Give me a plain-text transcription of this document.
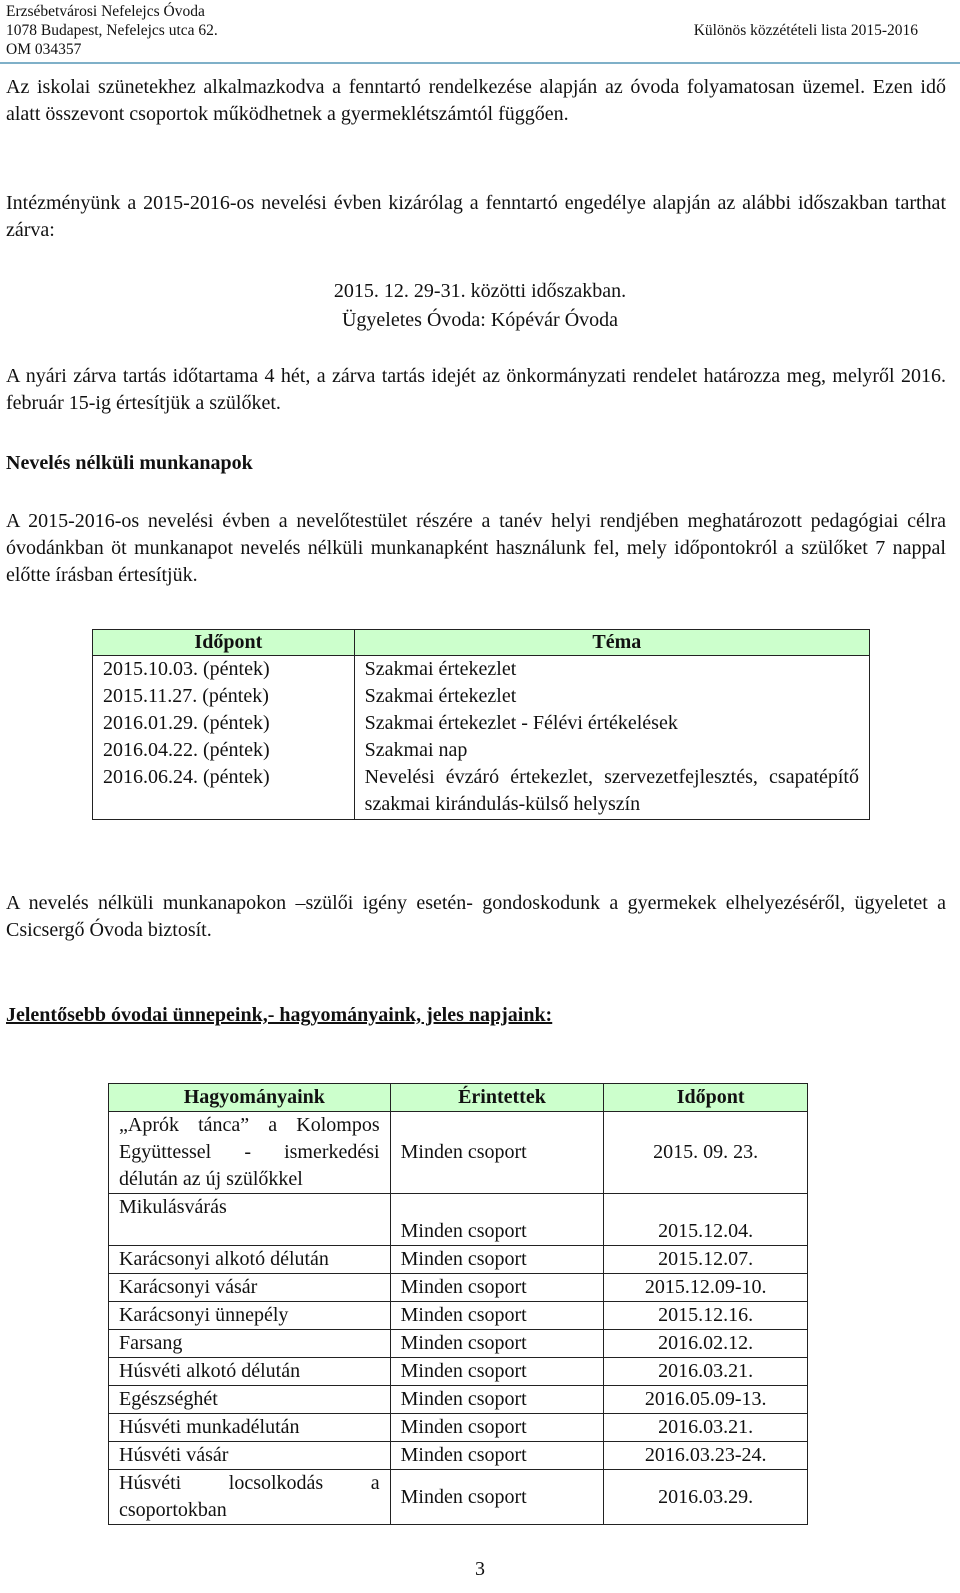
Erzsébetvárosi Nefelejcs Óvoda
1078 Budapest, Nefelejcs utca 62.
OM 034357
Különös közzétételi lista 2015-2016

Az iskolai szünetekhez alkalmazkodva a fenntartó rendelkezése alapján az óvoda folyamatosan üzemel. Ezen idő alatt összevont csoportok működhetnek a gyermeklétszámtól függően.

Intézményünk a 2015-2016-os nevelési évben kizárólag a fenntartó engedélye alapján az alábbi időszakban tarthat zárva:

2015. 12. 29-31. közötti időszakban.
Ügyeletes Óvoda: Kópévár Óvoda

A nyári zárva tartás időtartama 4 hét, a zárva tartás idejét az önkormányzati rendelet határozza meg, melyről 2016. február 15-ig értesítjük a szülőket.

Nevelés nélküli munkanapok

A 2015-2016-os nevelési évben a nevelőtestület részére a tanév helyi rendjében meghatározott pedagógiai célra óvodánkban öt munkanapot nevelés nélküli munkanapként használunk fel, mely időpontokról a szülőket 7 nappal előtte írásban értesítjük.

Időpont	Téma
2015.10.03. (péntek)	Szakmai értekezlet
2015.11.27. (péntek)	Szakmai értekezlet
2016.01.29. (péntek)	Szakmai értekezlet - Félévi értékelések
2016.04.22. (péntek)	Szakmai nap
2016.06.24. (péntek)	Nevelési évzáró értekezlet, szervezetfejlesztés, csapatépítő szakmai kirándulás-külső helyszín

A nevelés nélküli munkanapokon –szülői igény esetén- gondoskodunk a gyermekek elhelyezéséről, ügyeletet a Csicsergő Óvoda biztosít.

Jelentősebb óvodai ünnepeink,- hagyományaink, jeles napjaink:

Hagyományaink	Érintettek	Időpont
„Aprók tánca” a Kolompos Együttessel - ismerkedési délután az új szülőkkel	Minden csoport	2015. 09. 23.
Mikulásvárás	Minden csoport	2015.12.04.
Karácsonyi alkotó délután	Minden csoport	2015.12.07.
Karácsonyi vásár	Minden csoport	2015.12.09-10.
Karácsonyi ünnepély	Minden csoport	2015.12.16.
Farsang	Minden csoport	2016.02.12.
Húsvéti alkotó délután	Minden csoport	2016.03.21.
Egészséghét	Minden csoport	2016.05.09-13.
Húsvéti munkadélután	Minden csoport	2016.03.21.
Húsvéti vásár	Minden csoport	2016.03.23-24.
Húsvéti locsolkodás a csoportokban	Minden csoport	2016.03.29.
3
